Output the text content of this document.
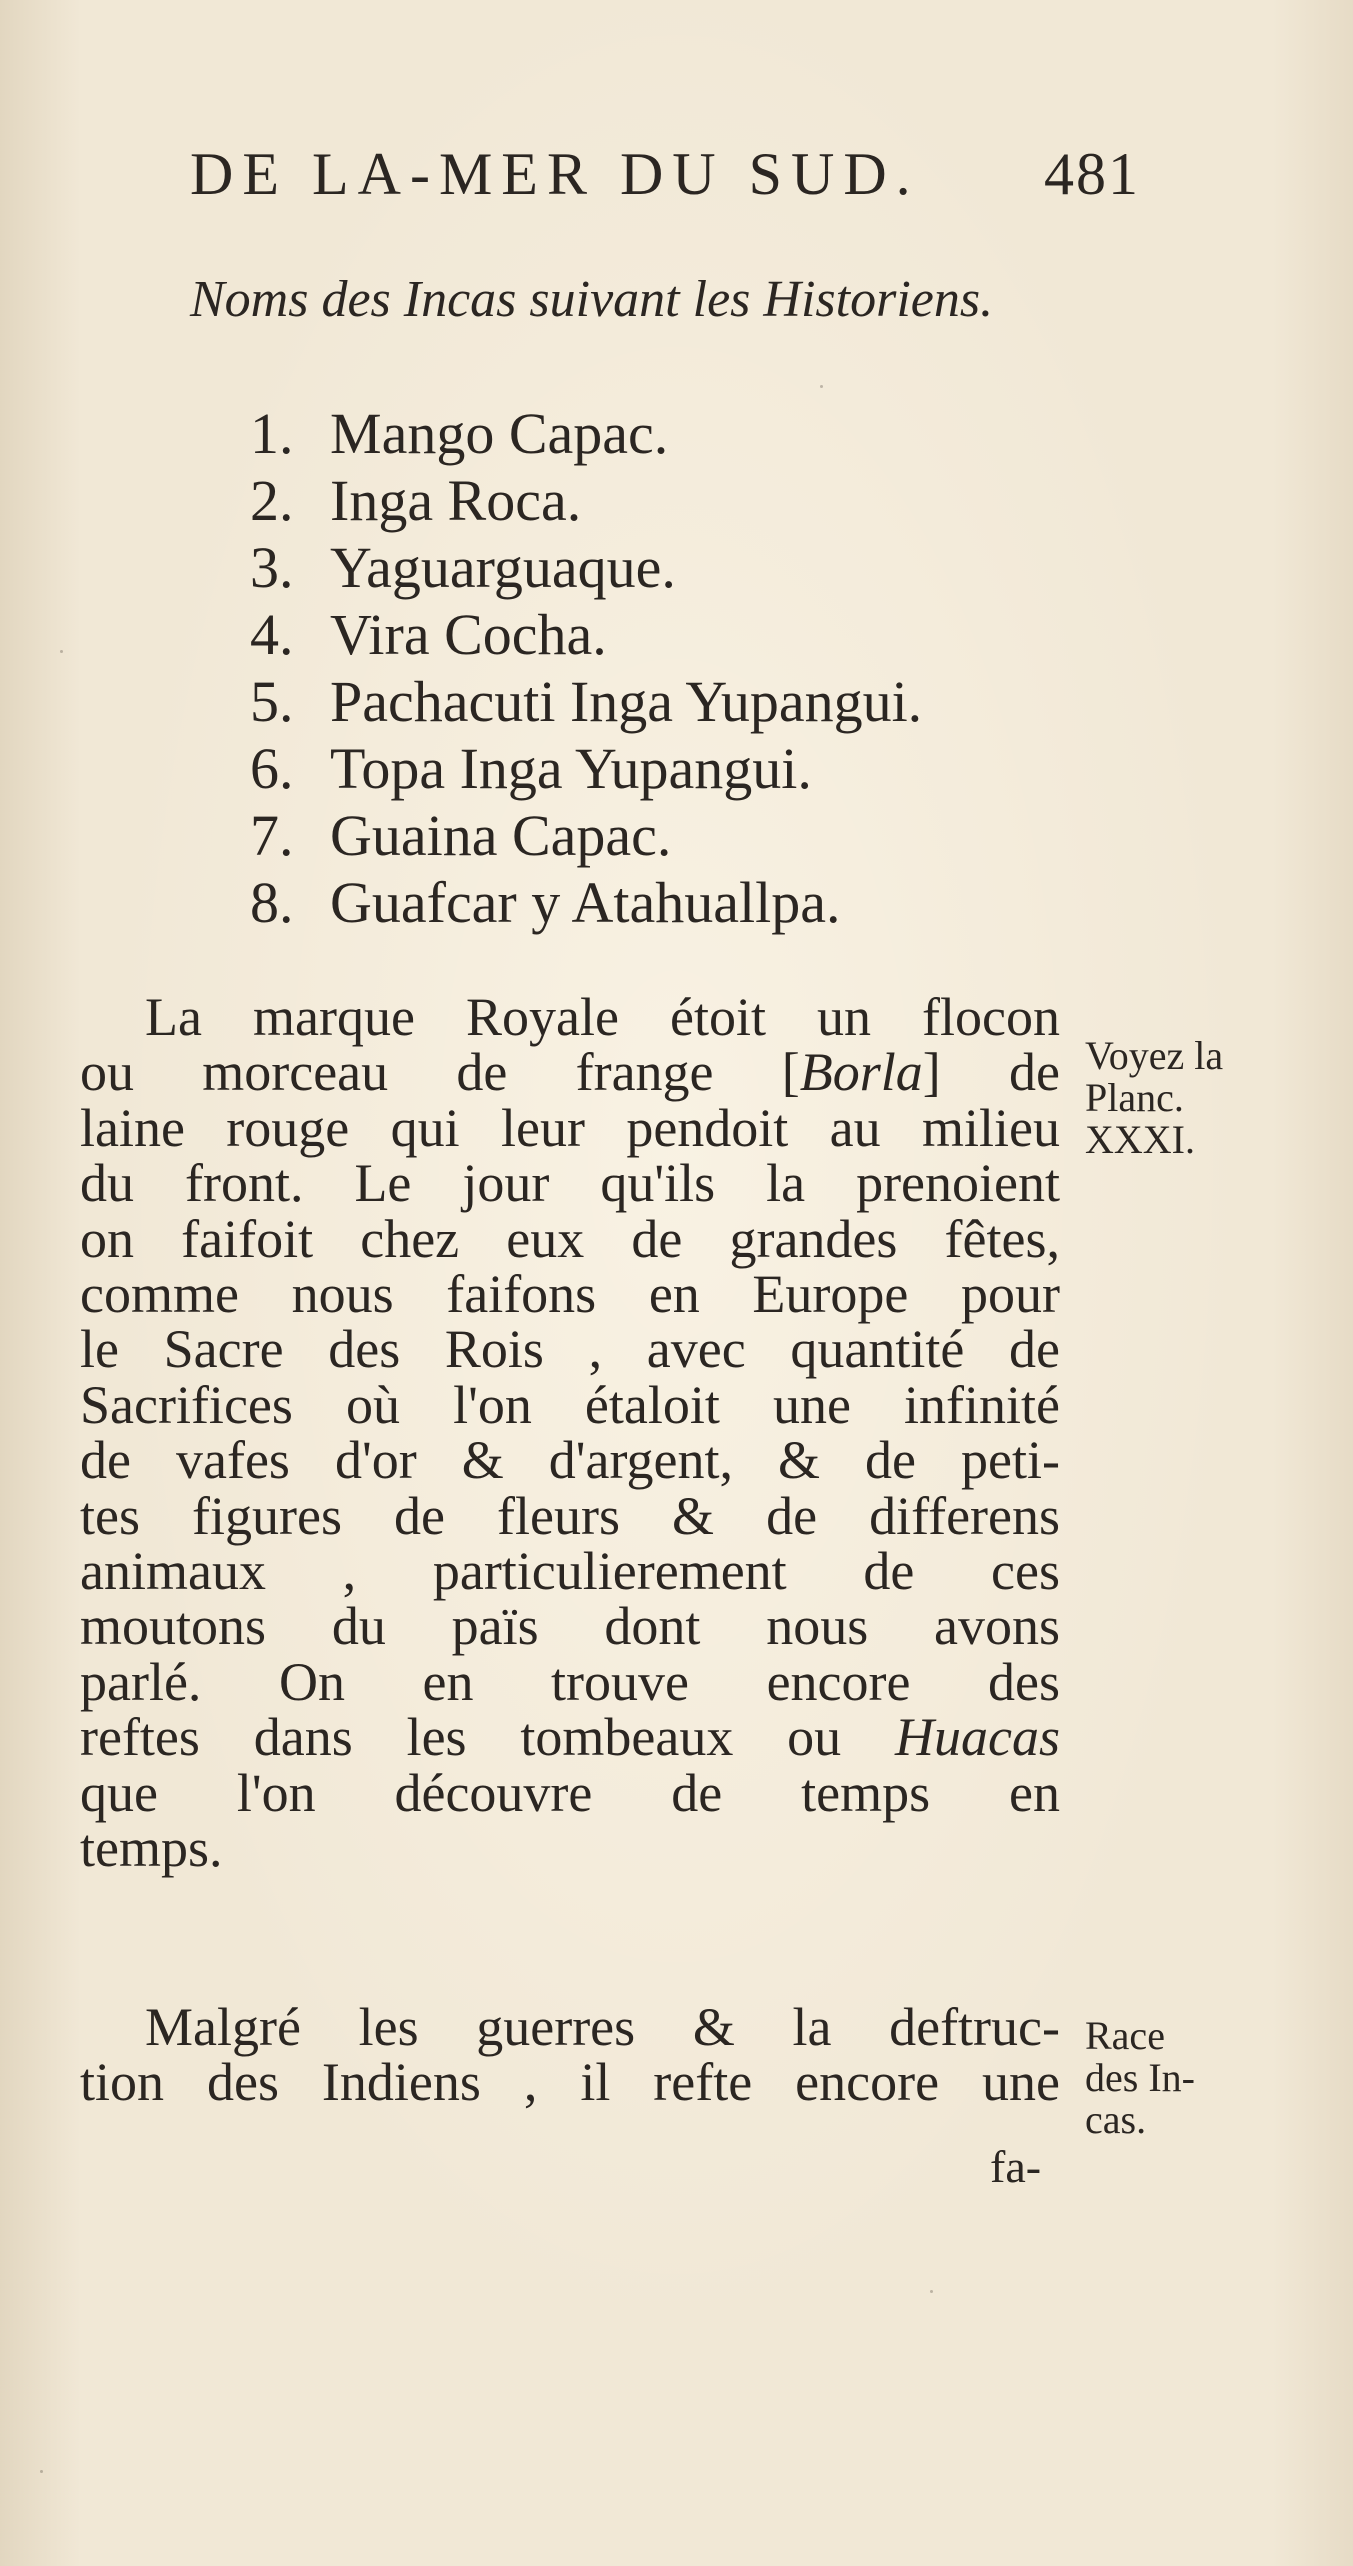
DE LA-MER DU SUD. 481
Noms des Incas suivant les Historiens.
1. Mango Capac.
2. Inga Roca.
3. Yaguarguaque.
4. Vira Cocha.
5. Pachacuti Inga Yupangui.
6. Topa Inga Yupangui.
7. Guaina Capac.
8. Guafcar y Atahuallpa.

La marque Royale étoit un flocon
ou morceau de frange [Borla] de
laine rouge qui leur pendoit au milieu
du front. Le jour qu'ils la prenoient
on faifoit chez eux de grandes fêtes,
comme nous faifons en Europe pour
le Sacre des Rois , avec quantité de
Sacrifices où l'on étaloit une infinité
de vafes d'or & d'argent, & de peti-
tes figures de fleurs & de differens
animaux , particulierement de ces
moutons du païs dont nous avons
parlé. On en trouve encore des
reftes dans les tombeaux ou Huacas
que l'on découvre de temps en
temps.

Malgré les guerres & la deftruc-
tion des Indiens , il refte encore une

Voyez la
Planc.
XXXI.
Race
des In-
cas.
fa-
